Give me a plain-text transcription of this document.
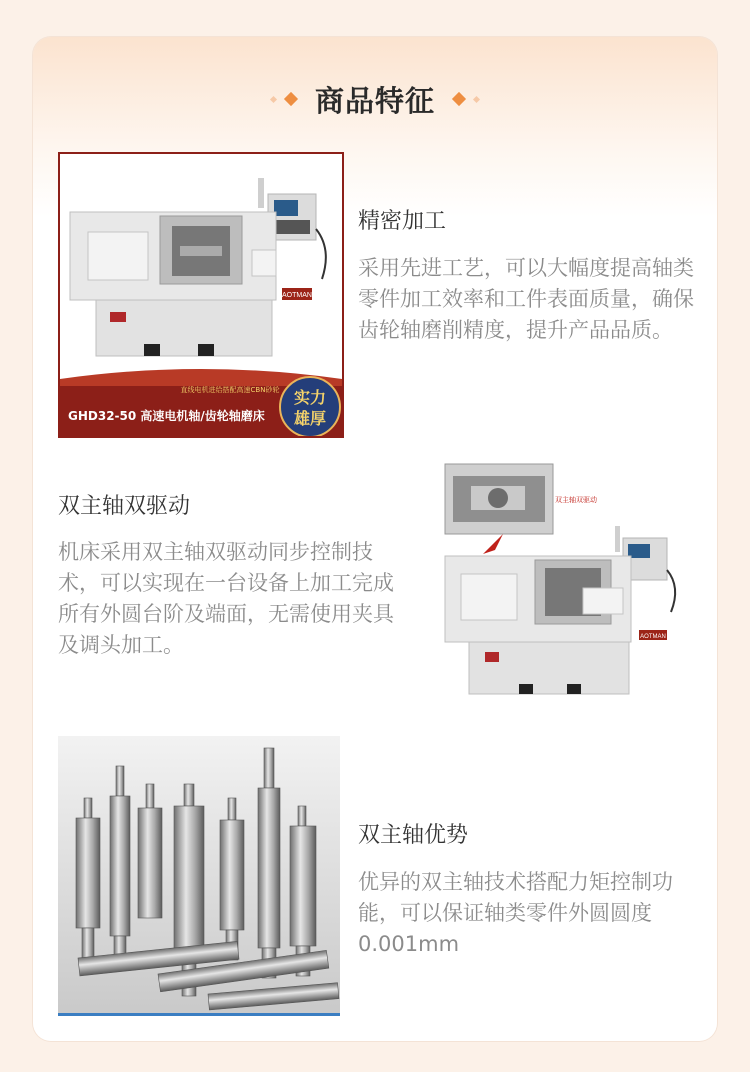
商品特征
AOTMAN
直线电机进给搭配高速CBN砂轮
GHD32-50 高速电机轴/齿轮轴磨床
实力
雄厚
精密加工
采用先进工艺，可以大幅度提高轴类零件加工效率和工件表面质量，确保齿轮轴磨削精度，提升产品品质。
双主轴双驱动
机床采用双主轴双驱动同步控制技术，可以实现在一台设备上加工完成所有外圆台阶及端面，无需使用夹具及调头加工。
双主轴双驱动
AOTMAN
双主轴优势
优异的双主轴技术搭配力矩控制功能，可以保证轴类零件外圆圆度0.001mm
